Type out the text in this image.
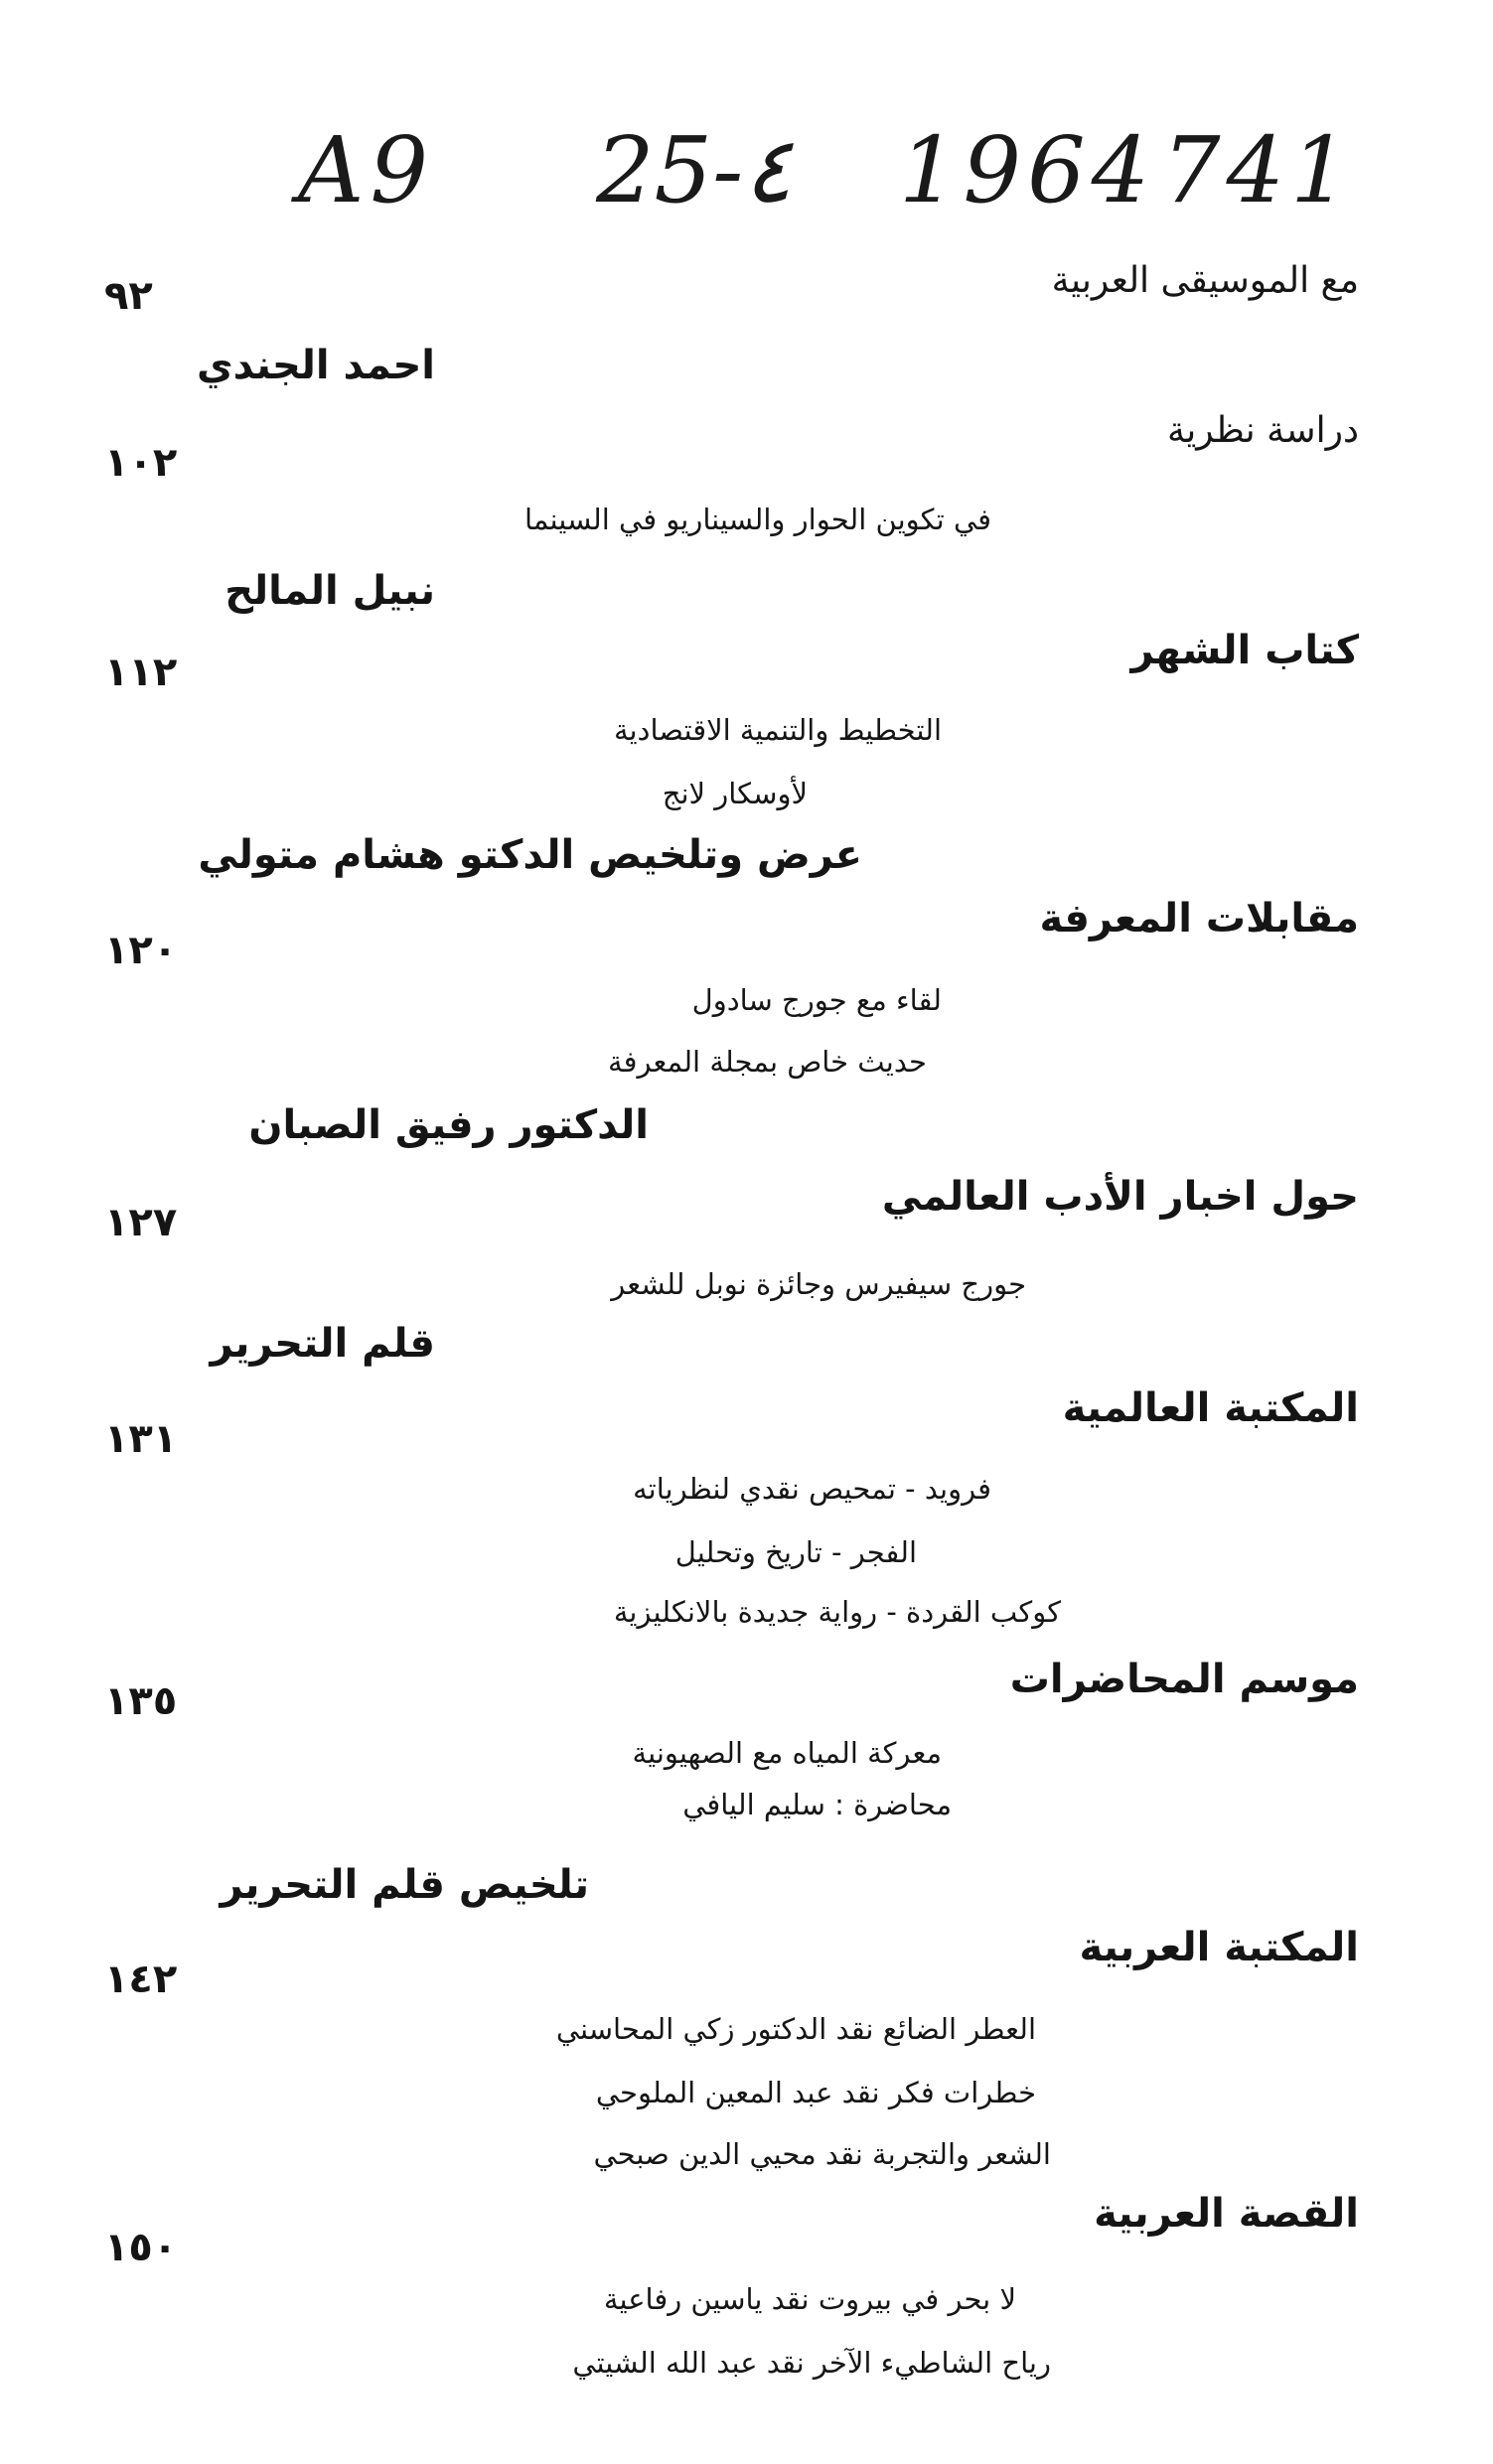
A9 25-٤ 1964 741
مع الموسيقى العربية
٩٢
احمد الجندي
دراسة نظرية
١٠٢
في تكوين الحوار والسيناريو في السينما
نبيل المالح
كتاب الشهر
١١٢
التخطيط والتنمية الاقتصادية
لأوسكار لانج
عرض وتلخيص الدكتو هشام متولي
مقابلات المعرفة
١٢٠
لقاء مع جورج سادول
حديث خاص بمجلة المعرفة
الدكتور رفيق الصبان
حول اخبار الأدب العالمي
١٢٧
جورج سيفيرس وجائزة نوبل للشعر
قلم التحرير
المكتبة العالمية
١٣١
فرويد - تمحيص نقدي لنظرياته
الفجر - تاريخ وتحليل
كوكب القردة - رواية جديدة بالانكليزية
موسم المحاضرات
١٣٥
معركة المياه مع الصهيونية
محاضرة : سليم اليافي
تلخيص قلم التحرير
المكتبة العربية
١٤٢
العطر الضائع نقد الدكتور زكي المحاسني
خطرات فكر نقد عبد المعين الملوحي
الشعر والتجربة نقد محيي الدين صبحي
القصة العربية
١٥٠
لا بحر في بيروت نقد ياسين رفاعية
رياح الشاطيء الآخر نقد عبد الله الشيتي
